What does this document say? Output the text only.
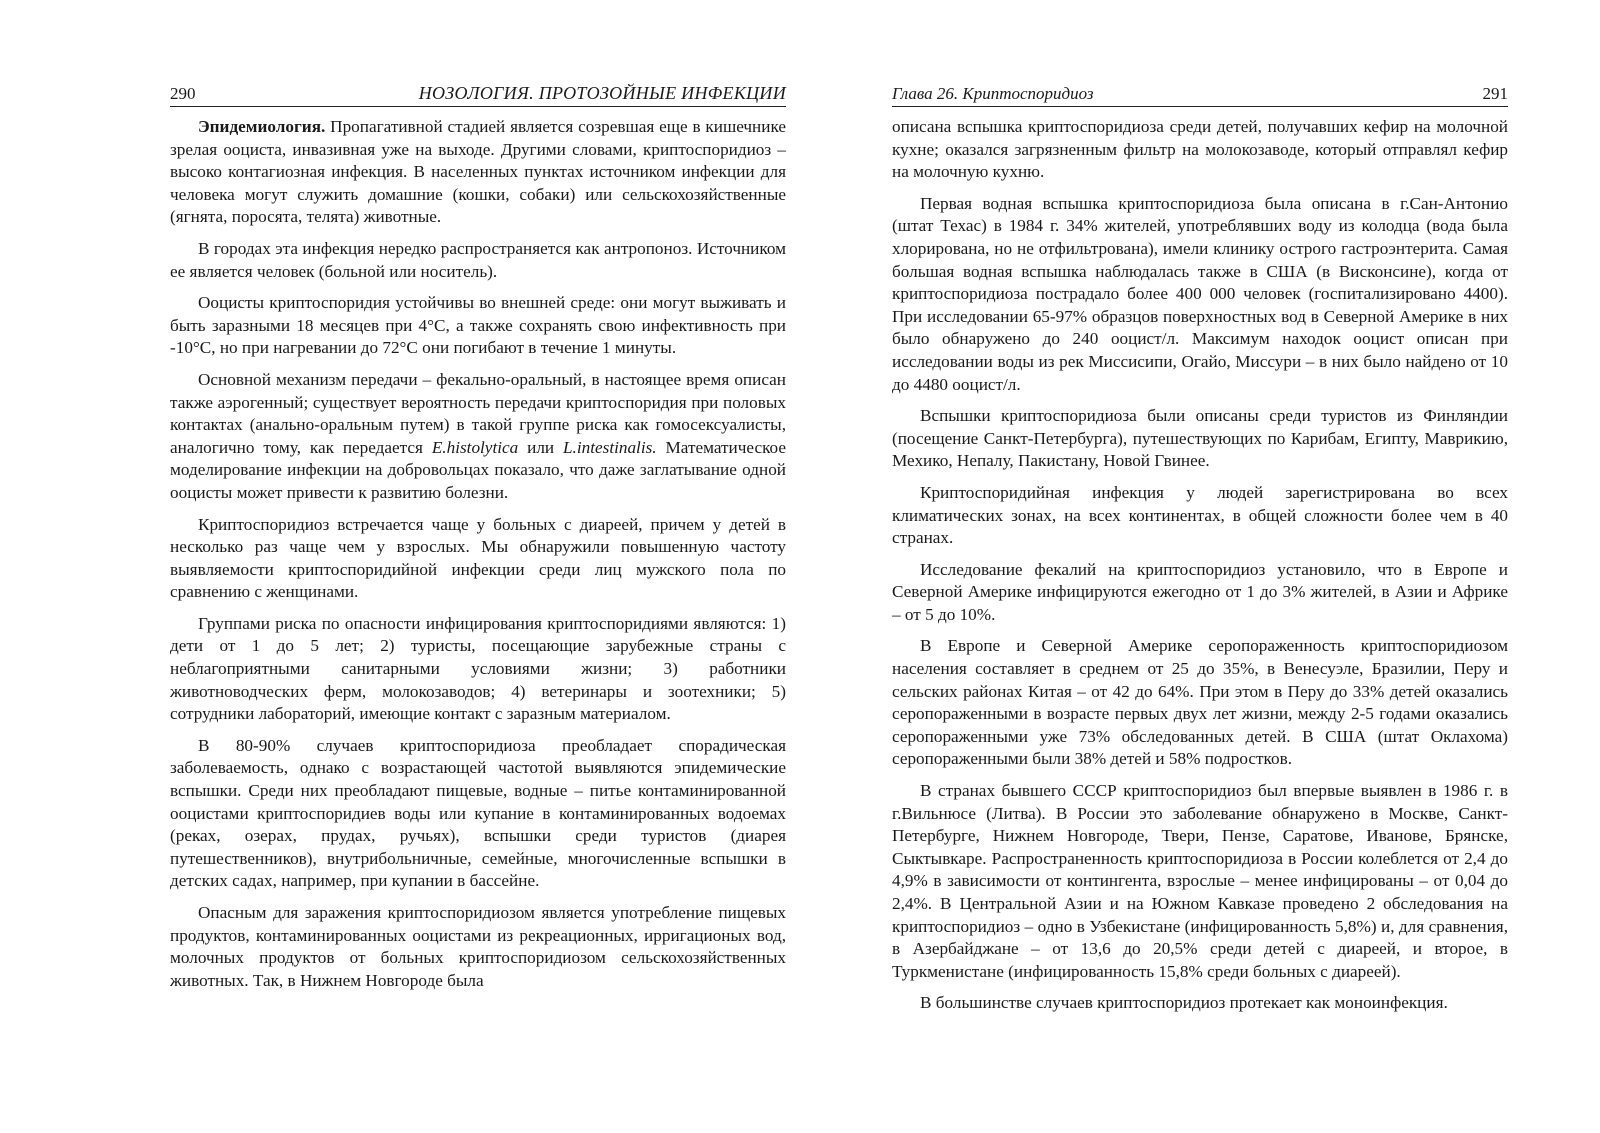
290	НОЗОЛОГИЯ. ПРОТОЗОЙНЫЕ ИНФЕКЦИИ

Эпидемиология. Пропагативной стадией является созревшая еще в кишечнике зрелая ооциста, инвазивная уже на выходе. Другими словами, криптоспоридиоз – высоко контагиозная инфекция. В населенных пунктах источником инфекции для человека могут служить домашние (кошки, собаки) или сельскохозяйственные (ягнята, поросята, телята) животные.

В городах эта инфекция нередко распространяется как антропоноз. Источником ее является человек (больной или носитель).

Ооцисты криптоспоридия устойчивы во внешней среде: они могут выживать и быть заразными 18 месяцев при 4°С, а также сохранять свою инфективность при -10°С, но при нагревании до 72°С они погибают в течение 1 минуты.

Основной механизм передачи – фекально-оральный, в настоящее время описан также аэрогенный; существует вероятность передачи криптоспоридия при половых контактах (анально-оральным путем) в такой группе риска как гомосексуалисты, аналогично тому, как передается E.histolytica или L.intestinalis. Математическое моделирование инфекции на добровольцах показало, что даже заглатывание одной ооцисты может привести к развитию болезни.

Криптоспоридиоз встречается чаще у больных с диареей, причем у детей в несколько раз чаще чем у взрослых. Мы обнаружили повышенную частоту выявляемости криптоспоридийной инфекции среди лиц мужского пола по сравнению с женщинами.

Группами риска по опасности инфицирования криптоспоридиями являются: 1) дети от 1 до 5 лет; 2) туристы, посещающие зарубежные страны с неблагоприятными санитарными условиями жизни; 3) работники животноводческих ферм, молокозаводов; 4) ветеринары и зоотехники; 5) сотрудники лабораторий, имеющие контакт с заразным материалом.

В 80-90% случаев криптоспоридиоза преобладает спорадическая заболеваемость, однако с возрастающей частотой выявляются эпидемические вспышки. Среди них преобладают пищевые, водные – питье контаминированной ооцистами криптоспоридиев воды или купание в контаминированных водоемах (реках, озерах, прудах, ручьях), вспышки среди туристов (диарея путешественников), внутрибольничные, семейные, многочисленные вспышки в детских садах, например, при купании в бассейне.

Опасным для заражения криптоспоридиозом является употребление пищевых продуктов, контаминированных ооцистами из рекреационных, ирригационых вод, молочных продуктов от больных криптоспоридиозом сельскохозяйственных животных. Так, в Нижнем Новгороде была

Глава 26. Криптоспоридиоз	291

описана вспышка криптоспоридиоза среди детей, получавших кефир на молочной кухне; оказался загрязненным фильтр на молокозаводе, который отправлял кефир на молочную кухню.

Первая водная вспышка криптоспоридиоза была описана в г.Сан-Антонио (штат Техас) в 1984 г. 34% жителей, употреблявших воду из колодца (вода была хлорирована, но не отфильтрована), имели клинику острого гастроэнтерита. Самая большая водная вспышка наблюдалась также в США (в Висконсине), когда от криптоспоридиоза пострадало более 400 000 человек (госпитализировано 4400). При исследовании 65-97% образцов поверхностных вод в Северной Америке в них было обнаружено до 240 ооцист/л. Максимум находок ооцист описан при исследовании воды из рек Миссисипи, Огайо, Миссури – в них было найдено от 10 до 4480 ооцист/л.

Вспышки криптоспоридиоза были описаны среди туристов из Финляндии (посещение Санкт-Петербурга), путешествующих по Карибам, Египту, Маврикию, Мехико, Непалу, Пакистану, Новой Гвинее.

Криптоспоридийная инфекция у людей зарегистрирована во всех климатических зонах, на всех континентах, в общей сложности более чем в 40 странах.

Исследование фекалий на криптоспоридиоз установило, что в Европе и Северной Америке инфицируются ежегодно от 1 до 3% жителей, в Азии и Африке – от 5 до 10%.

В Европе и Северной Америке серопораженность криптоспоридиозом населения составляет в среднем от 25 до 35%, в Венесуэле, Бразилии, Перу и сельских районах Китая – от 42 до 64%. При этом в Перу до 33% детей оказались серопораженными в возрасте первых двух лет жизни, между 2-5 годами оказались серопораженными уже 73% обследованных детей. В США (штат Оклахома) серопораженными были 38% детей и 58% подростков.

В странах бывшего СССР криптоспоридиоз был впервые выявлен в 1986 г. в г.Вильнюсе (Литва). В России это заболевание обнаружено в Москве, Санкт-Петербурге, Нижнем Новгороде, Твери, Пензе, Саратове, Иванове, Брянске, Сыктывкаре. Распространенность криптоспоридиоза в России колеблется от 2,4 до 4,9% в зависимости от контингента, взрослые – менее инфицированы – от 0,04 до 2,4%. В Центральной Азии и на Южном Кавказе проведено 2 обследования на криптоспоридиоз – одно в Узбекистане (инфицированность 5,8%) и, для сравнения, в Азербайджане – от 13,6 до 20,5% среди детей с диареей, и второе, в Туркменистане (инфицированность 15,8% среди больных с диареей).

В большинстве случаев криптоспоридиоз протекает как моноинфекция.
